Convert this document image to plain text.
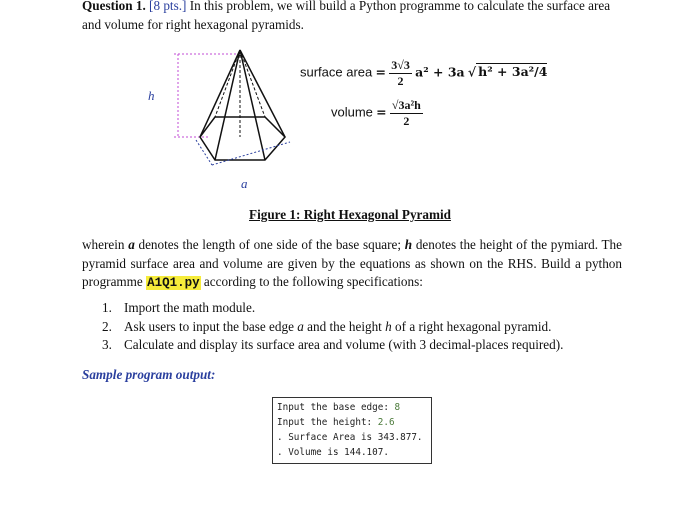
Question 1. [8 pts.] In this problem, we will build a Python programme to calculate the surface area and volume for right hexagonal pyramids.
h
a
surface area = $\frac{3√3}{2} a^2 + 3a$ √ h² + 3a²/4
volume = $\frac{\text{√3a²h}}{2}$
Figure 1: Right Hexagonal Pyramid
wherein a denotes the length of one side of the base square; h denotes the height of the pymiard. The pyramid surface area and volume are given by the equations as shown on the RHS. Build a python programme A1Q1.py according to the following specifications:
1. Import the math module.
2. Ask users to input the base edge a and the height h of a right hexagonal pyramid.
3. Calculate and display its surface area and volume (with 3 decimal-places required).
Sample program output:
Input the base edge: 8
Input the height: 2.6
. Surface Area is 343.877.
. Volume is 144.107.
